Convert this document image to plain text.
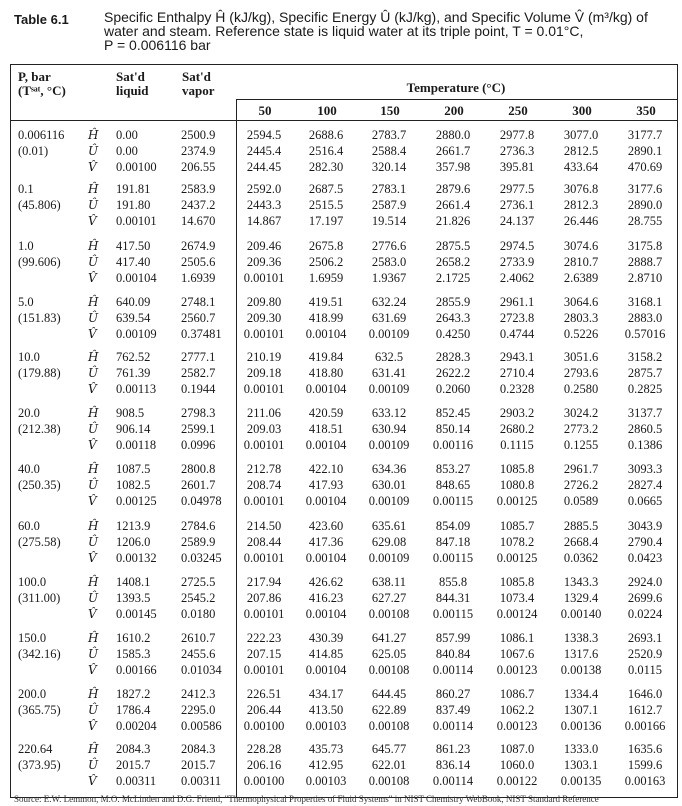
Table 6.1	Specific Enthalpy Ĥ (kJ/kg), Specific Energy Û (kJ/kg), and Specific Volume V̂ (m³/kg) of
water and steam. Reference state is liquid water at its triple point, T = 0.01°C,
P = 0.006116 bar
P, bar
(Tˢᵃᵗ, °C)
Sat'd
liquid
Sat'd
vapor	Temperature (°C)
50	100	150	200	250	300	350
0.006116
(0.01)
Ĥ 0.00	2500.9	2594.5	2688.6	2783.7	2880.0	2977.8	3077.0	3177.7
Û 0.00	2374.9	2445.4	2516.4	2588.4	2661.7	2736.3	2812.5	2890.1
V̂ 0.00100 206.55	244.45	282.30	320.14	357.98	395.81	433.64	470.69
0.1
(45.806)
Ĥ 191.81 2583.9	2592.0	2687.5	2783.1	2879.6	2977.5	3076.8	3177.6
Û 191.80 2437.2	2443.3	2515.5	2587.9	2661.4	2736.1	2812.3	2890.0
V̂ 0.00101 14.670	14.867	17.197	19.514	21.826	24.137	26.446	28.755
1.0
(99.606)
Ĥ 417.50 2674.9	209.46	2675.8	2776.6	2875.5	2974.5	3074.6	3175.8
Û 417.40 2505.6	209.36	2506.2	2583.0	2658.2	2733.9	2810.7	2888.7
V̂ 0.00104 1.6939	0.00101	1.6959	1.9367	2.1725	2.4062	2.6389	2.8710
5.0
(151.83)
Ĥ 640.09 2748.1	209.80	419.51	632.24	2855.9	2961.1	3064.6	3168.1
Û 639.54 2560.7	209.30	418.99	631.69	2643.3	2723.8	2803.3	2883.0
V̂ 0.00109 0.37481	0.00101	0.00104	0.00109	0.4250	0.4744	0.5226	0.57016
10.0
(179.88)
Ĥ 762.52 2777.1	210.19	419.84	632.5	2828.3	2943.1	3051.6	3158.2
Û 761.39 2582.7	209.18	418.80	631.41	2622.2	2710.4	2793.6	2875.7
V̂ 0.00113 0.1944	0.00101	0.00104	0.00109	0.2060	0.2328	0.2580	0.2825
20.0
(212.38)
Ĥ 908.5	2798.3	211.06	420.59	633.12	852.45	2903.2	3024.2	3137.7
Û 906.14 2599.1	209.03	418.51	630.94	850.14	2680.2	2773.2	2860.5
V̂ 0.00118 0.0996	0.00101	0.00104	0.00109	0.00116	0.1115	0.1255	0.1386
40.0
(250.35)
Ĥ 1087.5 2800.8	212.78	422.10	634.36	853.27	1085.8	2961.7	3093.3
Û 1082.5 2601.7	208.74	417.93	630.01	848.65	1080.8	2726.2	2827.4
V̂ 0.00125 0.04978	0.00101	0.00104	0.00109	0.00115	0.00125	0.0589	0.0665
60.0
(275.58)
Ĥ 1213.9 2784.6	214.50	423.60	635.61	854.09	1085.7	2885.5	3043.9
Û 1206.0 2589.9	208.44	417.36	629.08	847.18	1078.2	2668.4	2790.4
V̂ 0.00132 0.03245	0.00101	0.00104	0.00109	0.00115	0.00125	0.0362	0.0423
100.0
(311.00)
Ĥ 1408.1 2725.5	217.94	426.62	638.11	855.8	1085.8	1343.3	2924.0
Û 1393.5 2545.2	207.86	416.23	627.27	844.31	1073.4	1329.4	2699.6
V̂ 0.00145 0.0180	0.00101	0.00104	0.00108	0.00115	0.00124	0.00140	0.0224
150.0
(342.16)
Ĥ 1610.2 2610.7	222.23	430.39	641.27	857.99	1086.1	1338.3	2693.1
Û 1585.3 2455.6	207.15	414.85	625.05	840.84	1067.6	1317.6	2520.9
V̂ 0.00166 0.01034	0.00101	0.00104	0.00108	0.00114	0.00123	0.00138	0.0115
200.0
(365.75)
Ĥ 1827.2 2412.3	226.51	434.17	644.45	860.27	1086.7	1334.4	1646.0
Û 1786.4 2295.0	206.44	413.50	622.89	837.49	1062.2	1307.1	1612.7
V̂ 0.00204 0.00586	0.00100	0.00103	0.00108	0.00114	0.00123	0.00136	0.00166
220.64
(373.95)
Ĥ 2084.3 2084.3	228.28	435.73	645.77	861.23	1087.0	1333.0	1635.6
Û 2015.7 2015.7	206.16	412.95	622.01	836.14	1060.0	1303.1	1599.6
V̂ 0.00311 0.00311	0.00100	0.00103	0.00108	0.00114	0.00122	0.00135	0.00163
Source: E.W. Lemmon, M.O. McLinden and D.G. Friend, "Thermophysical Properties of Fluid Systems" in NIST Chemistry WebBook, NIST Standard Reference
